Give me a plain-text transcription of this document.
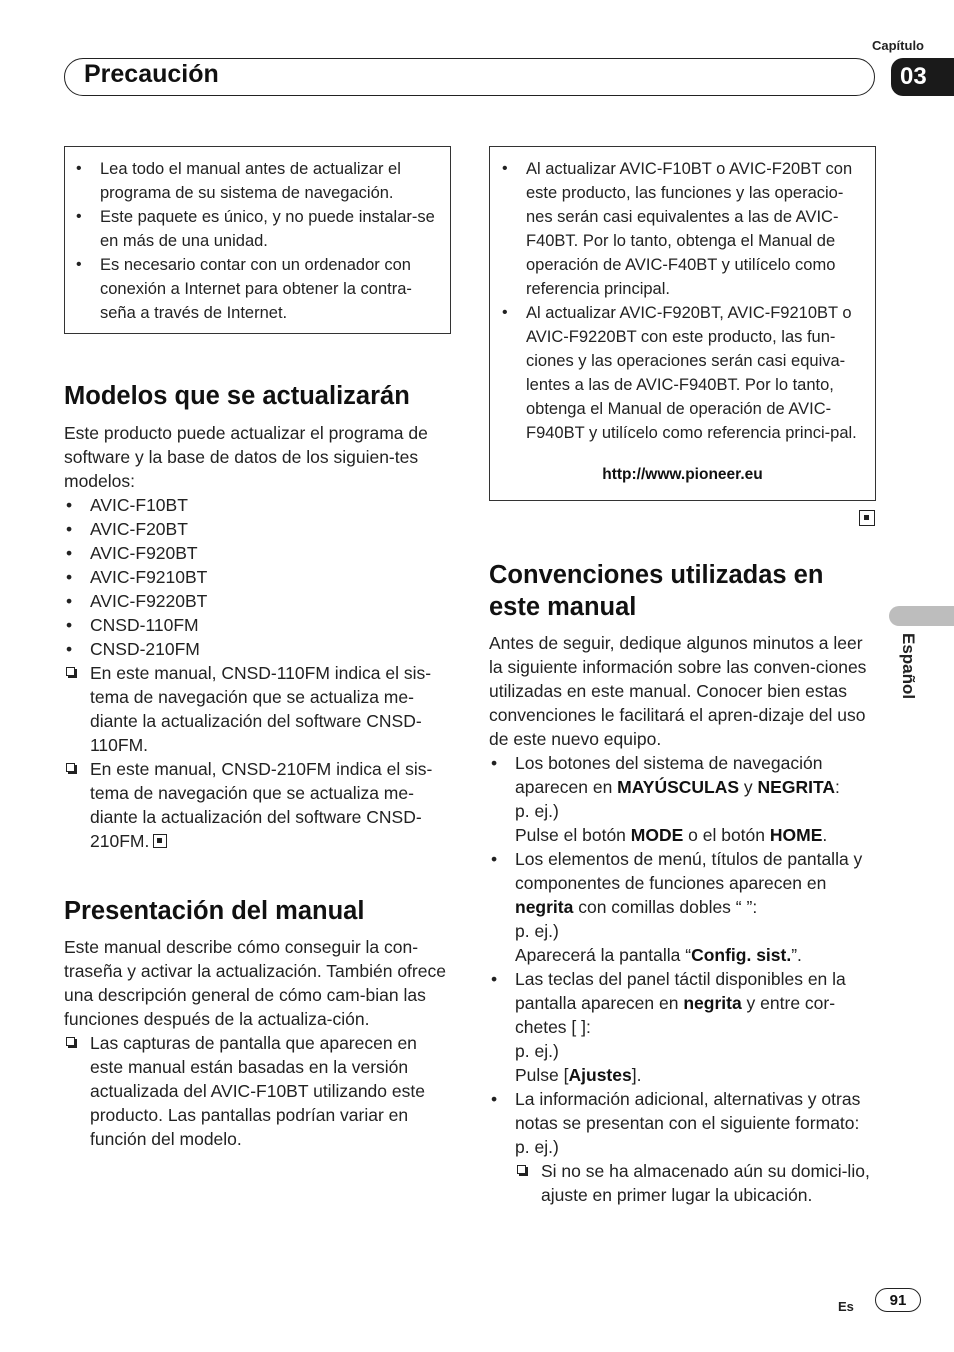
Capítulo
Precaución	03
Español
• Lea todo el manual antes de actualizar el programa de su sistema de navegación.
• Este paquete es único, y no puede instalar-se en más de una unidad.
• Es necesario contar con un ordenador con conexión a Internet para obtener la contra-seña a través de Internet.
• Al actualizar AVIC-F10BT o AVIC-F20BT con este producto, las funciones y las operacio-nes serán casi equivalentes a las de AVIC-F40BT. Por lo tanto, obtenga el Manual de operación de AVIC-F40BT y utilícelo como referencia principal.
• Al actualizar AVIC-F920BT, AVIC-F9210BT o AVIC-F9220BT con este producto, las fun-ciones y las operaciones serán casi equiva-lentes a las de AVIC-F940BT. Por lo tanto, obtenga el Manual de operación de AVIC-F940BT y utilícelo como referencia princi-pal.
http://www.pioneer.eu
Modelos que se actualizarán
Este producto puede actualizar el programa de software y la base de datos de los siguien-tes modelos:
• AVIC-F10BT
• AVIC-F20BT
• AVIC-F920BT
• AVIC-F9210BT
• AVIC-F9220BT
• CNSD-110FM
• CNSD-210FM
En este manual, CNSD-110FM indica el sis-tema de navegación que se actualiza me-diante la actualización del software CNSD-110FM.
En este manual, CNSD-210FM indica el sis-tema de navegación que se actualiza me-diante la actualización del software CNSD-210FM.
Presentación del manual
Este manual describe cómo conseguir la con-traseña y activar la actualización. También ofrece una descripción general de cómo cam-bian las funciones después de la actualiza-ción.
Las capturas de pantalla que aparecen en este manual están basadas en la versión actualizada del AVIC-F10BT utilizando este producto. Las pantallas podrían variar en función del modelo.
Convenciones utilizadas en este manual
Antes de seguir, dedique algunos minutos a leer la siguiente información sobre las conven-ciones utilizadas en este manual. Conocer bien estas convenciones le facilitará el apren-dizaje del uso de este nuevo equipo.
• Los botones del sistema de navegación aparecen en MAYÚSCULAS y NEGRITA:
p. ej.)
Pulse el botón MODE o el botón HOME.
• Los elementos de menú, títulos de pantalla y componentes de funciones aparecen en negrita con comillas dobles “ ”:
p. ej.)
Aparecerá la pantalla “Config. sist.”.
• Las teclas del panel táctil disponibles en la pantalla aparecen en negrita y entre cor-chetes [ ]:
p. ej.)
Pulse [Ajustes].
• La información adicional, alternativas y otras notas se presentan con el siguiente formato:
p. ej.)
Si no se ha almacenado aún su domici-lio, ajuste en primer lugar la ubicación.
Es	91
